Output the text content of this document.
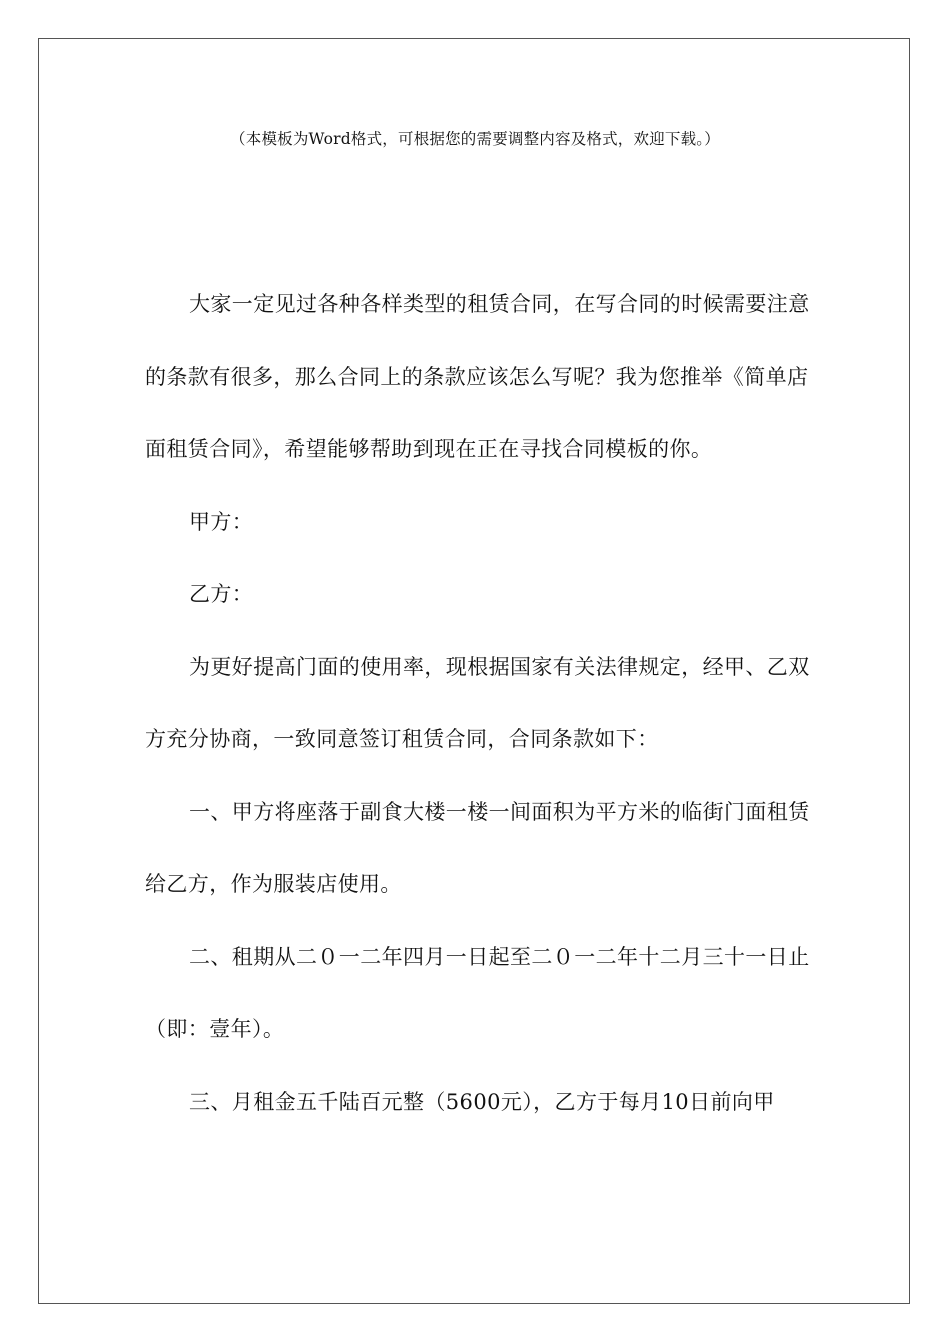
（本模板为Word格式，可根据您的需要调整内容及格式，欢迎下载。）

大家一定见过各种各样类型的租赁合同，在写合同的时候需要注意的条款有很多，那么合同上的条款应该怎么写呢？我为您推举《简单店面租赁合同》，希望能够帮助到现在正在寻找合同模板的你。

甲方：

乙方：

为更好提高门面的使用率，现根据国家有关法律规定，经甲、乙双方充分协商，一致同意签订租赁合同，合同条款如下：

一、甲方将座落于副食大楼一楼一间面积为平方米的临街门面租赁给乙方，作为服装店使用。

二、租期从二０一二年四月一日起至二０一二年十二月三十一日止（即：壹年）。

三、月租金五千陆百元整（5600元），乙方于每月10日前向甲
